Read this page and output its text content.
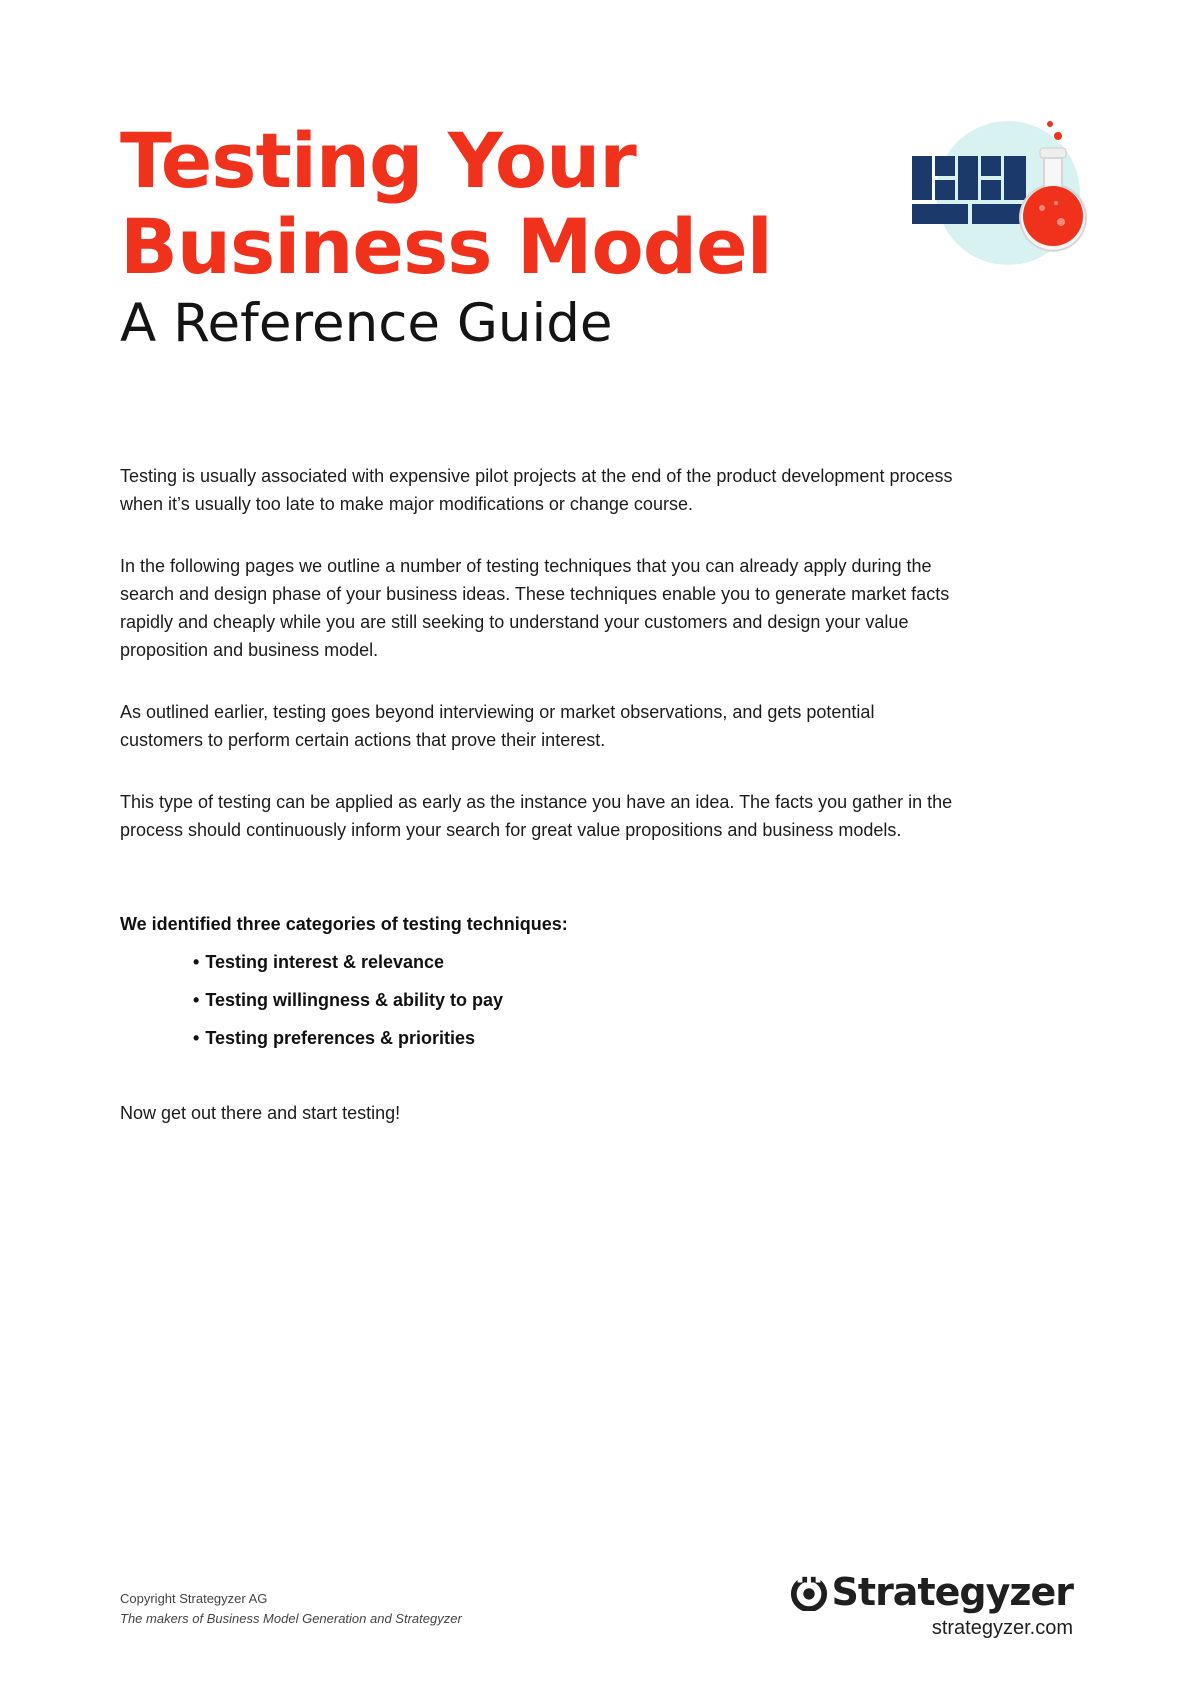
Testing Your
Business Model
A Reference Guide

Testing is usually associated with expensive pilot projects at the end of the product development process when it’s usually too late to make major modifications or change course.

In the following pages we outline a number of testing techniques that you can already apply during the search and design phase of your business ideas. These techniques enable you to generate market facts rapidly and cheaply while you are still seeking to understand your customers and design your value proposition and business model.

As outlined earlier, testing goes beyond interviewing or market observations, and gets potential customers to perform certain actions that prove their interest.

This type of testing can be applied as early as the instance you have an idea. The facts you gather in the process should continuously inform your search for great value propositions and business models.

We identified three categories of testing techniques:

• Testing interest & relevance
• Testing willingness & ability to pay
• Testing preferences & priorities

Now get out there and start testing!

Copyright Strategyzer AG
The makers of Business Model Generation and Strategyzer
Strategyzer
strategyzer.com
